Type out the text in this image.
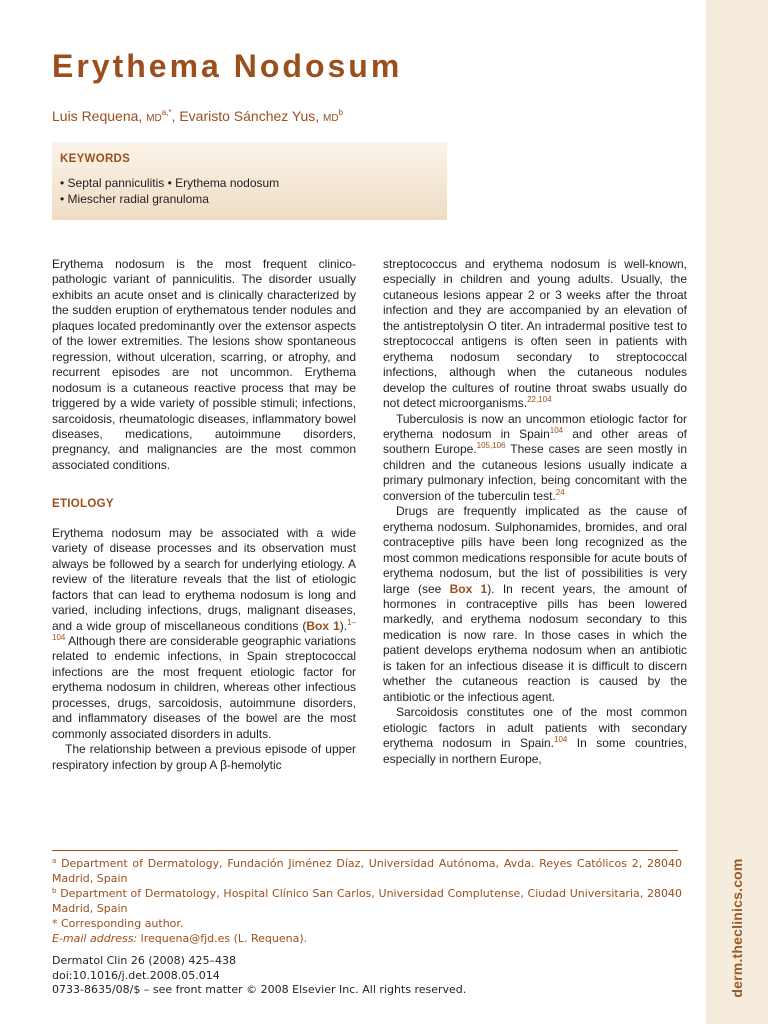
derm.theclinics.com
Erythema Nodosum
Luis Requena, $MD^{a,*}$, Evaristo Sánchez Yus, $MD^b$
KEYWORDS
• Septal panniculitis • Erythema nodosum
• Miescher radial granuloma

Erythema nodosum is the most frequent clinico-pathologic variant of panniculitis. The disorder usually exhibits an acute onset and is clinically characterized by the sudden eruption of erythematous tender nodules and plaques located predominantly over the extensor aspects of the lower extremities. The lesions show spontaneous regression, without ulceration, scarring, or atrophy, and recurrent episodes are not uncommon. Erythema nodosum is a cutaneous reactive process that may be triggered by a wide variety of possible stimuli; infections, sarcoidosis, rheumatologic diseases, inflammatory bowel diseases, medications, autoimmune disorders, pregnancy, and malignancies are the most common associated conditions.

ETIOLOGY

Erythema nodosum may be associated with a wide variety of disease processes and its observation must always be followed by a search for underlying etiology. A review of the literature reveals that the list of etiologic factors that can lead to erythema nodosum is long and varied, including infections, drugs, malignant diseases, and a wide group of miscellaneous conditions (Box 1).$^{1-104}$ Although there are considerable geographic variations related to endemic infections, in Spain streptococcal infections are the most frequent etiologic factor for erythema nodosum in children, whereas other infectious processes, drugs, sarcoidosis, autoimmune disorders, and inflammatory diseases of the bowel are the most commonly associated disorders in adults.

The relationship between a previous episode of upper respiratory infection by group A β-hemolytic

streptococcus and erythema nodosum is well-known, especially in children and young adults. Usually, the cutaneous lesions appear 2 or 3 weeks after the throat infection and they are accompanied by an elevation of the antistreptolysin O titer. An intradermal positive test to streptococcal antigens is often seen in patients with erythema nodosum secondary to streptococcal infections, although when the cutaneous nodules develop the cultures of routine throat swabs usually do not detect microorganisms.$^{22,104}$

Tuberculosis is now an uncommon etiologic factor for erythema nodosum in Spain$^{104}$ and other areas of southern Europe.$^{105,106}$ These cases are seen mostly in children and the cutaneous lesions usually indicate a primary pulmonary infection, being concomitant with the conversion of the tuberculin test.$^{24}$

Drugs are frequently implicated as the cause of erythema nodosum. Sulphonamides, bromides, and oral contraceptive pills have been long recognized as the most common medications responsible for acute bouts of erythema nodosum, but the list of possibilities is very large (see Box 1). In recent years, the amount of hormones in contraceptive pills has been lowered markedly, and erythema nodosum secondary to this medication is now rare. In those cases in which the patient develops erythema nodosum when an antibiotic is taken for an infectious disease it is difficult to discern whether the cutaneous reaction is caused by the antibiotic or the infectious agent.

Sarcoidosis constitutes one of the most common etiologic factors in adult patients with secondary erythema nodosum in Spain.$^{104}$ In some countries, especially in northern Europe,

$^a$ Department of Dermatology, Fundación Jiménez Díaz, Universidad Autónoma, Avda. Reyes Católicos 2, 28040 Madrid, Spain

$^b$ Department of Dermatology, Hospital Clínico San Carlos, Universidad Complutense, Ciudad Universitaria, 28040 Madrid, Spain

* Corresponding author.

E-mail address: lrequena@fjd.es (L. Requena).

Dermatol Clin 26 (2008) 425–438
doi:10.1016/j.det.2008.05.014
0733-8635/08/$ – see front matter © 2008 Elsevier Inc. All rights reserved.
